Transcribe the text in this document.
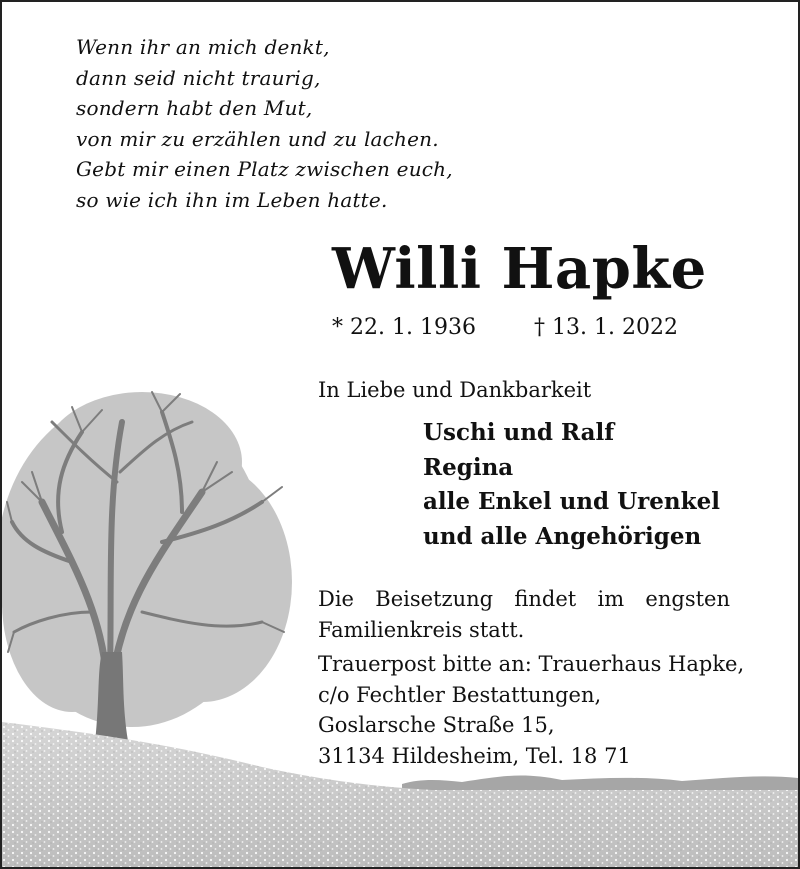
Wenn ihr an mich denkt,
dann seid nicht traurig,
sondern habt den Mut,
von mir zu erzählen und zu lachen.
Gebt mir einen Platz zwischen euch,
so wie ich ihn im Leben hatte.
Willi Hapke
* 22. 1. 1936	† 13. 1. 2022
In Liebe und Dankbarkeit
Uschi und Ralf
Regina
alle Enkel und Urenkel
und alle Angehörigen
Die Beisetzung findet im engsten
Familienkreis statt.
Trauerpost bitte an: Trauerhaus Hapke,
c/o Fechtler Bestattungen,
Goslarsche Straße 15,
31134 Hildesheim, Tel. 18 71
